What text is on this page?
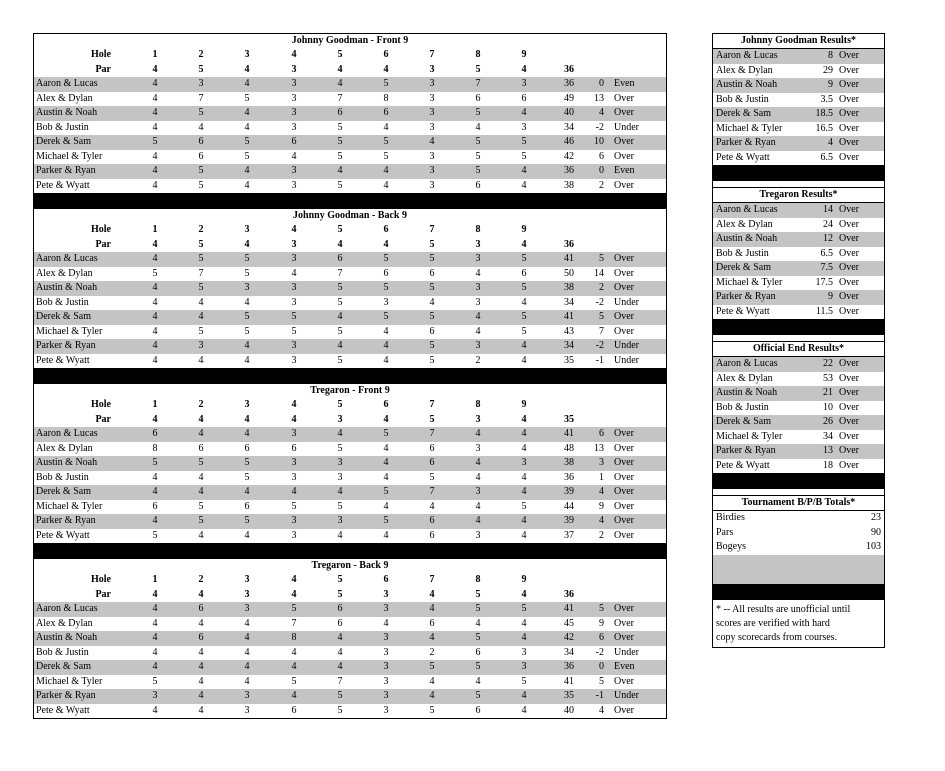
Johnny Goodman - Front 9
Hole	1	2	3	4	5	6	7	8	9
Par	4	5	4	3	4	4	3	5	4	36
Aaron & Lucas	4	3	4	3	4	5	3	7	3	36	0 Even
Alex & Dylan	4	7	5	3	7	8	3	6	6	49	13 Over
Austin & Noah	4	5	4	3	6	6	3	5	4	40	4 Over
Bob & Justin	4	4	4	3	5	4	3	4	3	34	-2 Under
Derek & Sam	5	6	5	6	5	5	4	5	5	46	10 Over
Michael & Tyler	4	6	5	4	5	5	3	5	5	42	6 Over
Parker & Ryan	4	5	4	3	4	4	3	5	4	36	0 Even
Pete & Wyatt	4	5	4	3	5	4	3	6	4	38	2 Over
Johnny Goodman - Back 9
Hole	1	2	3	4	5	6	7	8	9
Par	4	5	4	3	4	4	5	3	4	36
Aaron & Lucas	4	5	5	3	6	5	5	3	5	41	5 Over
Alex & Dylan	5	7	5	4	7	6	6	4	6	50	14 Over
Austin & Noah	4	5	3	3	5	5	5	3	5	38	2 Over
Bob & Justin	4	4	4	3	5	3	4	3	4	34	-2 Under
Derek & Sam	4	4	5	5	4	5	5	4	5	41	5 Over
Michael & Tyler	4	5	5	5	5	4	6	4	5	43	7 Over
Parker & Ryan	4	3	4	3	4	4	5	3	4	34	-2 Under
Pete & Wyatt	4	4	4	3	5	4	5	2	4	35	-1 Under
Tregaron - Front 9
Hole	1	2	3	4	5	6	7	8	9
Par	4	4	4	4	3	4	5	3	4	35
Aaron & Lucas	6	4	4	3	4	5	7	4	4	41	6 Over
Alex & Dylan	8	6	6	6	5	4	6	3	4	48	13 Over
Austin & Noah	5	5	5	3	3	4	6	4	3	38	3 Over
Bob & Justin	4	4	5	3	3	4	5	4	4	36	1 Over
Derek & Sam	4	4	4	4	4	5	7	3	4	39	4 Over
Michael & Tyler	6	5	6	5	5	4	4	4	5	44	9 Over
Parker & Ryan	4	5	5	3	3	5	6	4	4	39	4 Over
Pete & Wyatt	5	4	4	3	4	4	6	3	4	37	2 Over
Tregaron - Back 9
Hole	1	2	3	4	5	6	7	8	9
Par	4	4	3	4	5	3	4	5	4	36
Aaron & Lucas	4	6	3	5	6	3	4	5	5	41	5 Over
Alex & Dylan	4	4	4	7	6	4	6	4	4	45	9 Over
Austin & Noah	4	6	4	8	4	3	4	5	4	42	6 Over
Bob & Justin	4	4	4	4	4	3	2	6	3	34	-2 Under
Derek & Sam	4	4	4	4	4	3	5	5	3	36	0 Even
Michael & Tyler	5	4	4	5	7	3	4	4	5	41	5 Over
Parker & Ryan	3	4	3	4	5	3	4	5	4	35	-1 Under
Pete & Wyatt	4	4	3	6	5	3	5	6	4	40	4 Over
Johnny Goodman Results*
Aaron & Lucas	8 Over
Alex & Dylan	29 Over
Austin & Noah	9 Over
Bob & Justin	3.5 Over
Derek & Sam	18.5 Over
Michael & Tyler	16.5 Over
Parker & Ryan	4 Over
Pete & Wyatt	6.5 Over
Tregaron Results*
Aaron & Lucas	14 Over
Alex & Dylan	24 Over
Austin & Noah	12 Over
Bob & Justin	6.5 Over
Derek & Sam	7.5 Over
Michael & Tyler	17.5 Over
Parker & Ryan	9 Over
Pete & Wyatt	11.5 Over
Official End Results*
Aaron & Lucas	22 Over
Alex & Dylan	53 Over
Austin & Noah	21 Over
Bob & Justin	10 Over
Derek & Sam	26 Over
Michael & Tyler	34 Over
Parker & Ryan	13 Over
Pete & Wyatt	18 Over
Tournament B/P/B Totals*
Birdies	23
Pars	90
Bogeys	103
* -- All results are unofficial until
scores are verified with hard
copy scorecards from courses.
